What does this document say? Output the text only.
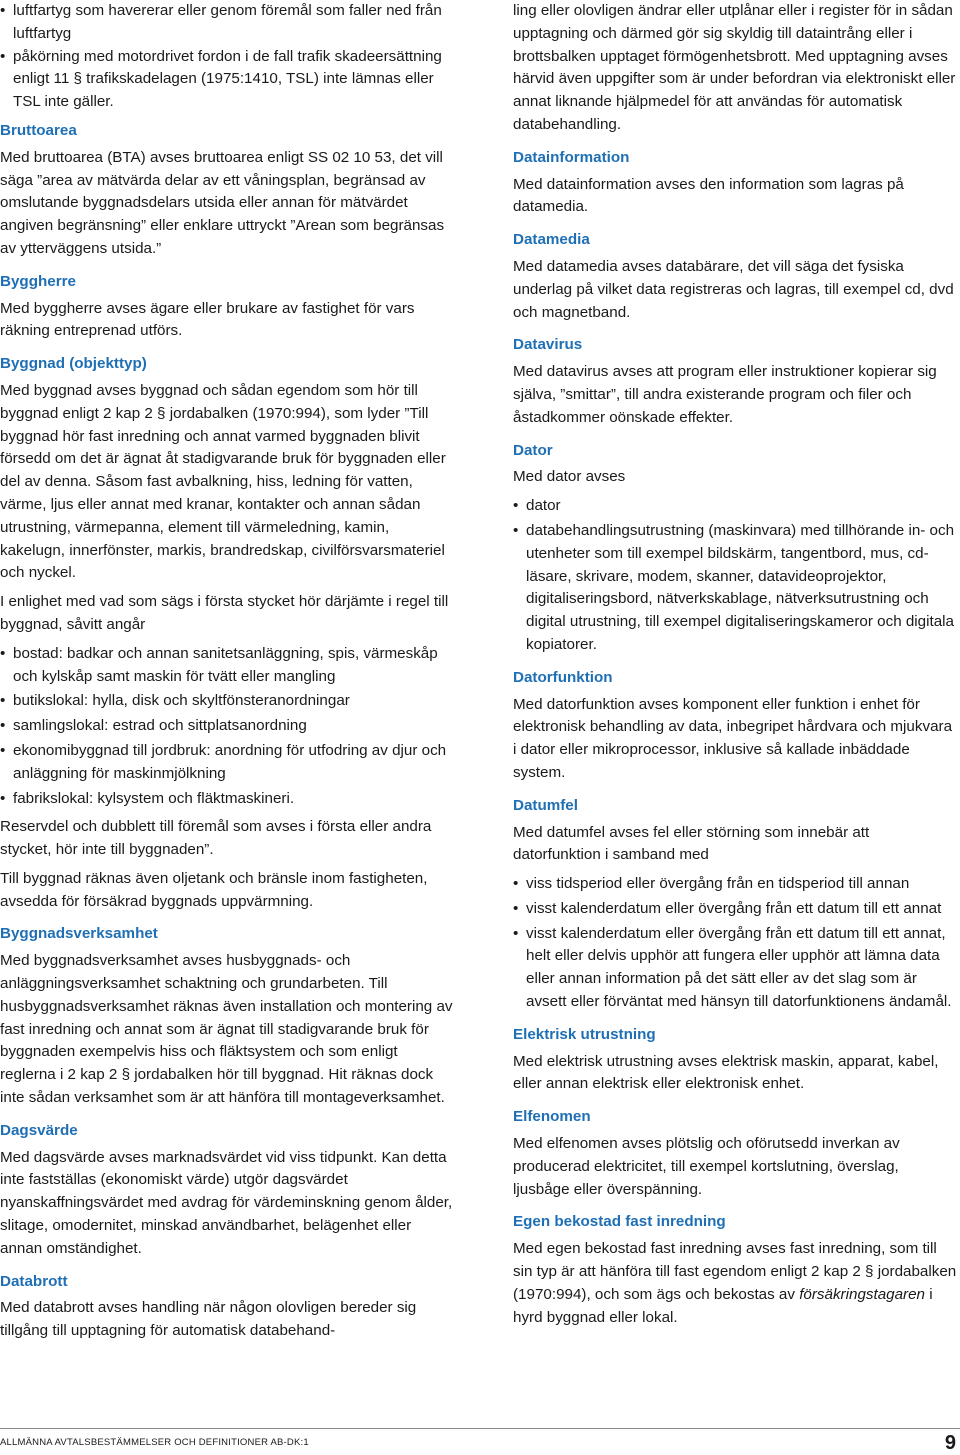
• luftfartyg som havererar eller genom föremål som faller ned från luftfartyg
• påkörning med motordrivet fordon i de fall trafik skadeersättning enligt 11 § trafikskadelagen (1975:1410, TSL) inte lämnas eller TSL inte gäller.
Bruttoarea

Med bruttoarea (BTA) avses bruttoarea enligt SS 02 10 53, det vill säga ”area av mätvärda delar av ett våningsplan, begränsad av omslutande byggnadsdelars utsida eller annan för mätvärdet angiven begränsning” eller enklare uttryckt ”Arean som begränsas av ytterväggens utsida.”

Byggherre

Med byggherre avses ägare eller brukare av fastighet för vars räkning entreprenad utförs.

Byggnad (objekttyp)

Med byggnad avses byggnad och sådan egendom som hör till byggnad enligt 2 kap 2 § jordabalken (1970:994), som lyder ”Till byggnad hör fast inredning och annat varmed byggnaden blivit försedd om det är ägnat åt stadigvarande bruk för byggnaden eller del av denna. Såsom fast avbalkning, hiss, ledning för vatten, värme, ljus eller annat med kranar, kontakter och annan sådan utrustning, värmepanna, element till värmeledning, kamin, kakelugn, innerfönster, markis, brandredskap, civilförsvarsmateriel och nyckel.

I enlighet med vad som sägs i första stycket hör därjämte i regel till byggnad, såvitt angår

• bostad: badkar och annan sanitetsanläggning, spis, värmeskåp och kylskåp samt maskin för tvätt eller mangling
• butikslokal: hylla, disk och skyltfönsteranordningar
• samlingslokal: estrad och sittplatsanordning
• ekonomibyggnad till jordbruk: anordning för utfodring av djur och anläggning för maskinmjölkning
• fabrikslokal: kylsystem och fläktmaskineri.

Reservdel och dubblett till föremål som avses i första eller andra stycket, hör inte till byggnaden”.

Till byggnad räknas även oljetank och bränsle inom fastigheten, avsedda för försäkrad byggnads uppvärmning.

Byggnadsverksamhet

Med byggnadsverksamhet avses husbyggnads- och anläggningsverksamhet schaktning och grundarbeten. Till husbyggnadsverksamhet räknas även installation och montering av fast inredning och annat som är ägnat till stadigvarande bruk för byggnaden exempelvis hiss och fläktsystem och som enligt reglerna i 2 kap 2 § jordabalken hör till byggnad. Hit räknas dock inte sådan verksamhet som är att hänföra till montageverksamhet.

Dagsvärde

Med dagsvärde avses marknadsvärdet vid viss tidpunkt. Kan detta inte fastställas (ekonomiskt värde) utgör dagsvärdet nyanskaffningsvärdet med avdrag för värdeminskning genom ålder, slitage, omodernitet, minskad användbarhet, belägenhet eller annan omständighet.

Databrott

Med databrott avses handling när någon olovligen bereder sig tillgång till upptagning för automatisk databehand-

ling eller olovligen ändrar eller utplånar eller i register för in sådan upptagning och därmed gör sig skyldig till dataintrång eller i brottsbalken upptaget förmögenhetsbrott. Med upptagning avses härvid även uppgifter som är under befordran via elektroniskt eller annat liknande hjälpmedel för att användas för automatisk databehandling.

Datainformation

Med datainformation avses den information som lagras på datamedia.

Datamedia

Med datamedia avses databärare, det vill säga det fysiska underlag på vilket data registreras och lagras, till exempel cd, dvd och magnetband.

Datavirus

Med datavirus avses att program eller instruktioner kopierar sig själva, ”smittar”, till andra existerande program och filer och åstadkommer oönskade effekter.

Dator

Med dator avses

• dator
• databehandlingsutrustning (maskinvara) med tillhörande in- och utenheter som till exempel bildskärm, tangentbord, mus, cd-läsare, skrivare, modem, skanner, datavideoprojektor, digitaliseringsbord, nätverkskablage, nätverksutrustning och digital utrustning, till exempel digitaliseringskameror och digitala kopiatorer.
Datorfunktion

Med datorfunktion avses komponent eller funktion i enhet för elektronisk behandling av data, inbegripet hårdvara och mjukvara i dator eller mikroprocessor, inklusive så kallade inbäddade system.

Datumfel

Med datumfel avses fel eller störning som innebär att datorfunktion i samband med

• viss tidsperiod eller övergång från en tidsperiod till annan
• visst kalenderdatum eller övergång från ett datum till ett annat
• visst kalenderdatum eller övergång från ett datum till ett annat, helt eller delvis upphör att fungera eller upphör att lämna data eller annan information på det sätt eller av det slag som är avsett eller förväntat med hänsyn till datorfunktionens ändamål.
Elektrisk utrustning

Med elektrisk utrustning avses elektrisk maskin, apparat, kabel, eller annan elektrisk eller elektronisk enhet.

Elfenomen

Med elfenomen avses plötslig och oförutsedd inverkan av producerad elektricitet, till exempel kortslutning, överslag, ljusbåge eller överspänning.

Egen bekostad fast inredning

Med egen bekostad fast inredning avses fast inredning, som till sin typ är att hänföra till fast egendom enligt 2 kap 2 § jordabalken (1970:994), och som ägs och bekostas av försäkringstagaren i hyrd byggnad eller lokal.

ALLMÄNNA AVTALSBESTÄMMELSER OCH DEFINITIONER AB-DK:1	9
